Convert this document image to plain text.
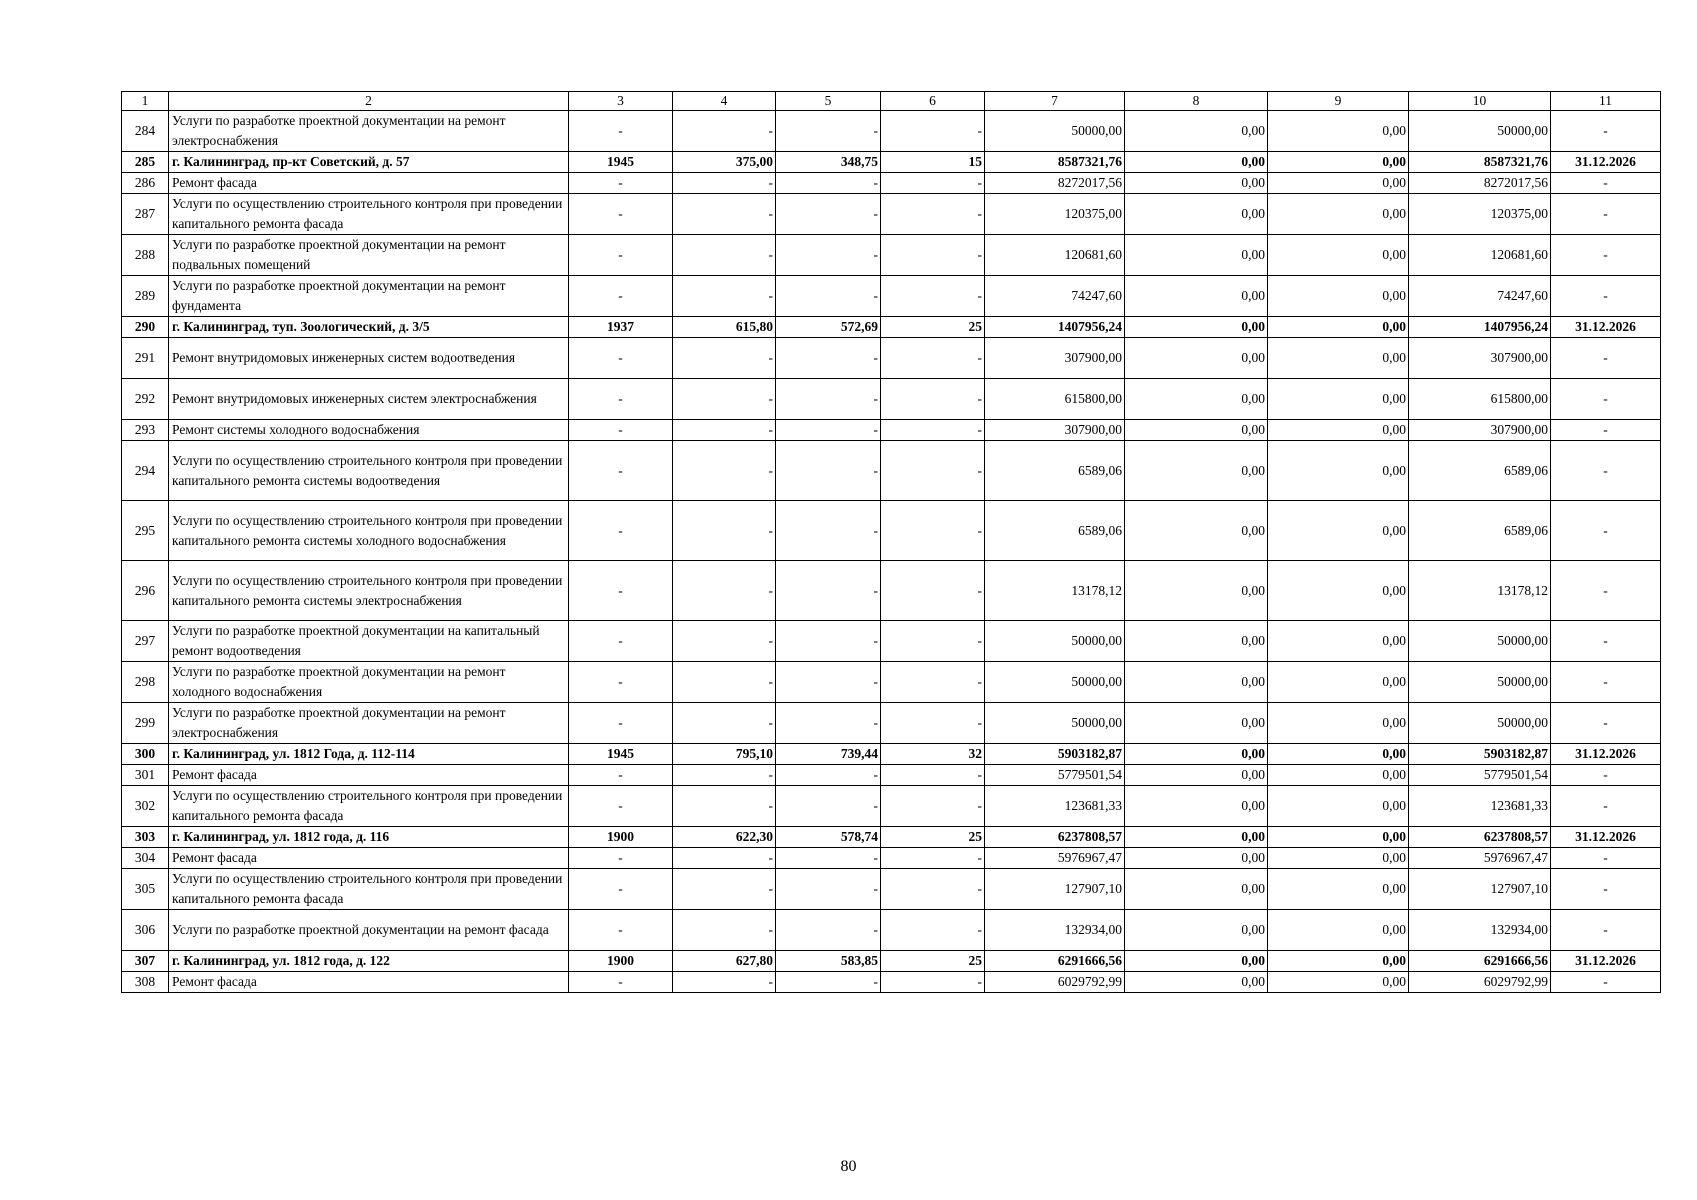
1	2	3	4	5	6	7	8	9	10	11
284	Услуги по разработке проектной документации на ремонт электроснабжения	-	-	-	-	50000,00	0,00	0,00	50000,00	-
285	г. Калининград, пр-кт Советский, д. 57	1945	375,00	348,75	15	8587321,76	0,00	0,00	8587321,76	31.12.2026
286	Ремонт фасада	-	-	-	-	8272017,56	0,00	0,00	8272017,56	-
287	Услуги по осуществлению строительного контроля при проведении капитального ремонта фасада	-	-	-	-	120375,00	0,00	0,00	120375,00	-
288	Услуги по разработке проектной документации на ремонт подвальных помещений	-	-	-	-	120681,60	0,00	0,00	120681,60	-
289	Услуги по разработке проектной документации на ремонт фундамента	-	-	-	-	74247,60	0,00	0,00	74247,60	-
290	г. Калининград, туп. Зоологический, д. 3/5	1937	615,80	572,69	25	1407956,24	0,00	0,00	1407956,24	31.12.2026
291	Ремонт внутридомовых инженерных систем водоотведения	-	-	-	-	307900,00	0,00	0,00	307900,00	-
292	Ремонт внутридомовых инженерных систем электроснабжения	-	-	-	-	615800,00	0,00	0,00	615800,00	-
293	Ремонт системы холодного водоснабжения	-	-	-	-	307900,00	0,00	0,00	307900,00	-
294	Услуги по осуществлению строительного контроля при проведении капитального ремонта системы водоотведения	-	-	-	-	6589,06	0,00	0,00	6589,06	-
295	Услуги по осуществлению строительного контроля при проведении капитального ремонта системы холодного водоснабжения	-	-	-	-	6589,06	0,00	0,00	6589,06	-
296	Услуги по осуществлению строительного контроля при проведении капитального ремонта системы электроснабжения	-	-	-	-	13178,12	0,00	0,00	13178,12	-
297	Услуги по разработке проектной документации на капитальный ремонт водоотведения	-	-	-	-	50000,00	0,00	0,00	50000,00	-
298	Услуги по разработке проектной документации на ремонт холодного водоснабжения	-	-	-	-	50000,00	0,00	0,00	50000,00	-
299	Услуги по разработке проектной документации на ремонт электроснабжения	-	-	-	-	50000,00	0,00	0,00	50000,00	-
300	г. Калининград, ул. 1812 Года, д. 112-114	1945	795,10	739,44	32	5903182,87	0,00	0,00	5903182,87	31.12.2026
301	Ремонт фасада	-	-	-	-	5779501,54	0,00	0,00	5779501,54	-
302	Услуги по осуществлению строительного контроля при проведении капитального ремонта фасада	-	-	-	-	123681,33	0,00	0,00	123681,33	-
303	г. Калининград, ул. 1812 года, д. 116	1900	622,30	578,74	25	6237808,57	0,00	0,00	6237808,57	31.12.2026
304	Ремонт фасада	-	-	-	-	5976967,47	0,00	0,00	5976967,47	-
305	Услуги по осуществлению строительного контроля при проведении капитального ремонта фасада	-	-	-	-	127907,10	0,00	0,00	127907,10	-
306	Услуги по разработке проектной документации на ремонт фасада	-	-	-	-	132934,00	0,00	0,00	132934,00	-
307	г. Калининград, ул. 1812 года, д. 122	1900	627,80	583,85	25	6291666,56	0,00	0,00	6291666,56	31.12.2026
308	Ремонт фасада	-	-	-	-	6029792,99	0,00	0,00	6029792,99	-
80
